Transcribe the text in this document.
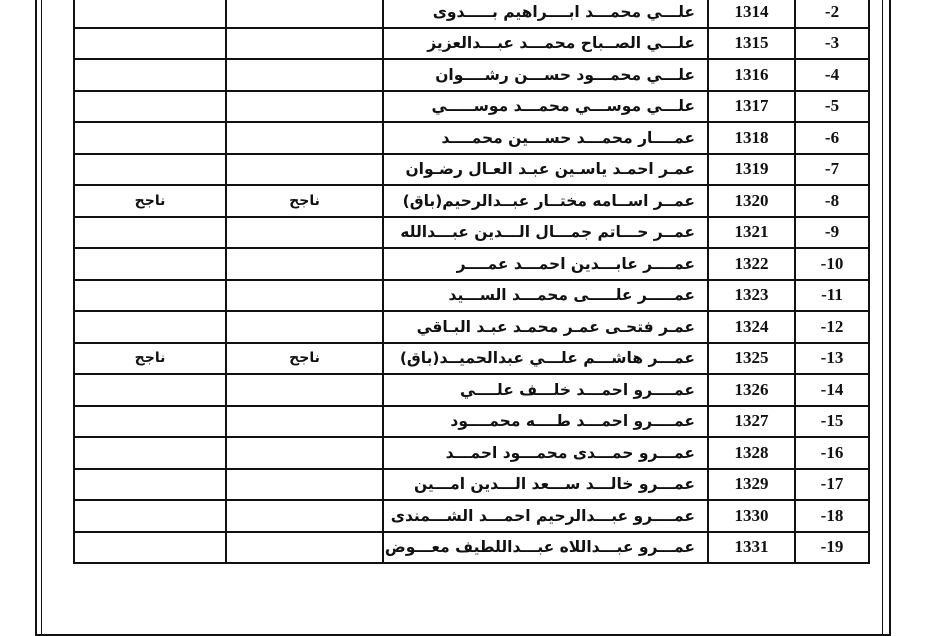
		علـــي محمـــد ابــــراهيم بـــــدوى	1314	-2
		علـــي الصــباح محمـــد عبـــدالعزيز	1315	-3
		علـــي محمـــود حســـن رشــــوان	1316	-4
		علـــي موســـي محمـــد موســـــي	1317	-5
		عمــــار محمـــد حســـين محمــــد	1318	-6
		عمـر احمـد ياسـين عبـد العـال رضـوان	1319	-7
ناجح	ناجح	عمــر اســامه مختــار عبــدالرحيم(باق)	1320	-8
		عمــر حـــاتم جمـــال الـــدين عبـــدالله	1321	-9
		عمــــر عابـــدين احمـــد عمــــر	1322	-10
		عمـــــر علـــــى محمـــد الســـيد	1323	-11
		عمـر فتحـى عمـر محمـد عبـد البـاقي	1324	-12
ناجح	ناجح	عمـــر هاشـــم علـــي عبدالحميــد(باق)	1325	-13
		عمــــرو احمـــد خلـــف علــــي	1326	-14
		عمــــرو احمـــد طــــه محمــــود	1327	-15
		عمـــرو حمـــدى محمـــود احمـــد	1328	-16
		عمـــرو خالـــد ســـعد الـــدين امـــين	1329	-17
		عمــــرو عبـــدالرحيم احمـــد الشـــمندى	1330	-18
		عمـــرو عبـــداللاه عبـــداللطيف معـــوض	1331	-19
